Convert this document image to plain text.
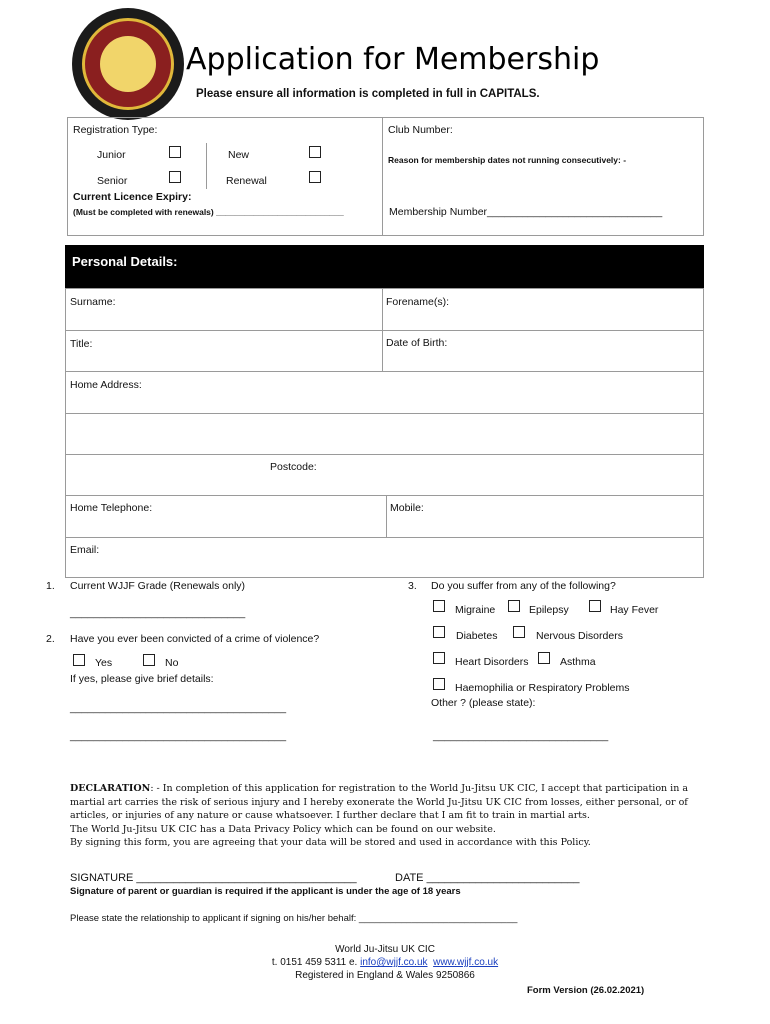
Application for Membership
Please ensure all information is completed in full in CAPITALS.
Registration Type:
Junior	New
Senior	Renewal
Current Licence Expiry:
(Must be completed with renewals) ___________________________
Club Number:
Reason for membership dates not running consecutively: -
Membership Number______________________________
Personal Details:
Surname:	Forename(s):
Title:	Date of Birth:
Home Address:
Postcode:
Home Telephone:	Mobile:
Email:
1. Current WJJF Grade (Renewals only)
______________________________
2. Have you ever been convicted of a crime of violence?
Yes	No
If yes, please give brief details:
_____________________________________
_____________________________________
3. Do you suffer from any of the following?
Migraine	Epilepsy	Hay Fever
Diabetes	Nervous Disorders
Heart Disorders	Asthma
Haemophilia or Respiratory Problems
Other ? (please state):
______________________________
DECLARATION: - In completion of this application for registration to the World Ju-Jitsu UK CIC, I accept that participation in a martial art carries the risk of serious injury and I hereby exonerate the World Ju-Jitsu UK CIC from losses, either personal, or of articles, or injuries of any nature or cause whatsoever. I further declare that I am fit to train in martial arts.
The World Ju-Jitsu UK CIC has a Data Privacy Policy which can be found on our website.
By signing this form, you are agreeing that your data will be stored and used in accordance with this Policy.
SIGNATURE ____________________________________	DATE _________________________
Signature of parent or guardian is required if the applicant is under the age of 18 years
Please state the relationship to applicant if signing on his/her behalf: ______________________________
World Ju-Jitsu UK CIC
t. 0151 459 5311 e. info@wjjf.co.uk www.wjjf.co.uk
Registered in England & Wales 9250866
Form Version (26.02.2021)
